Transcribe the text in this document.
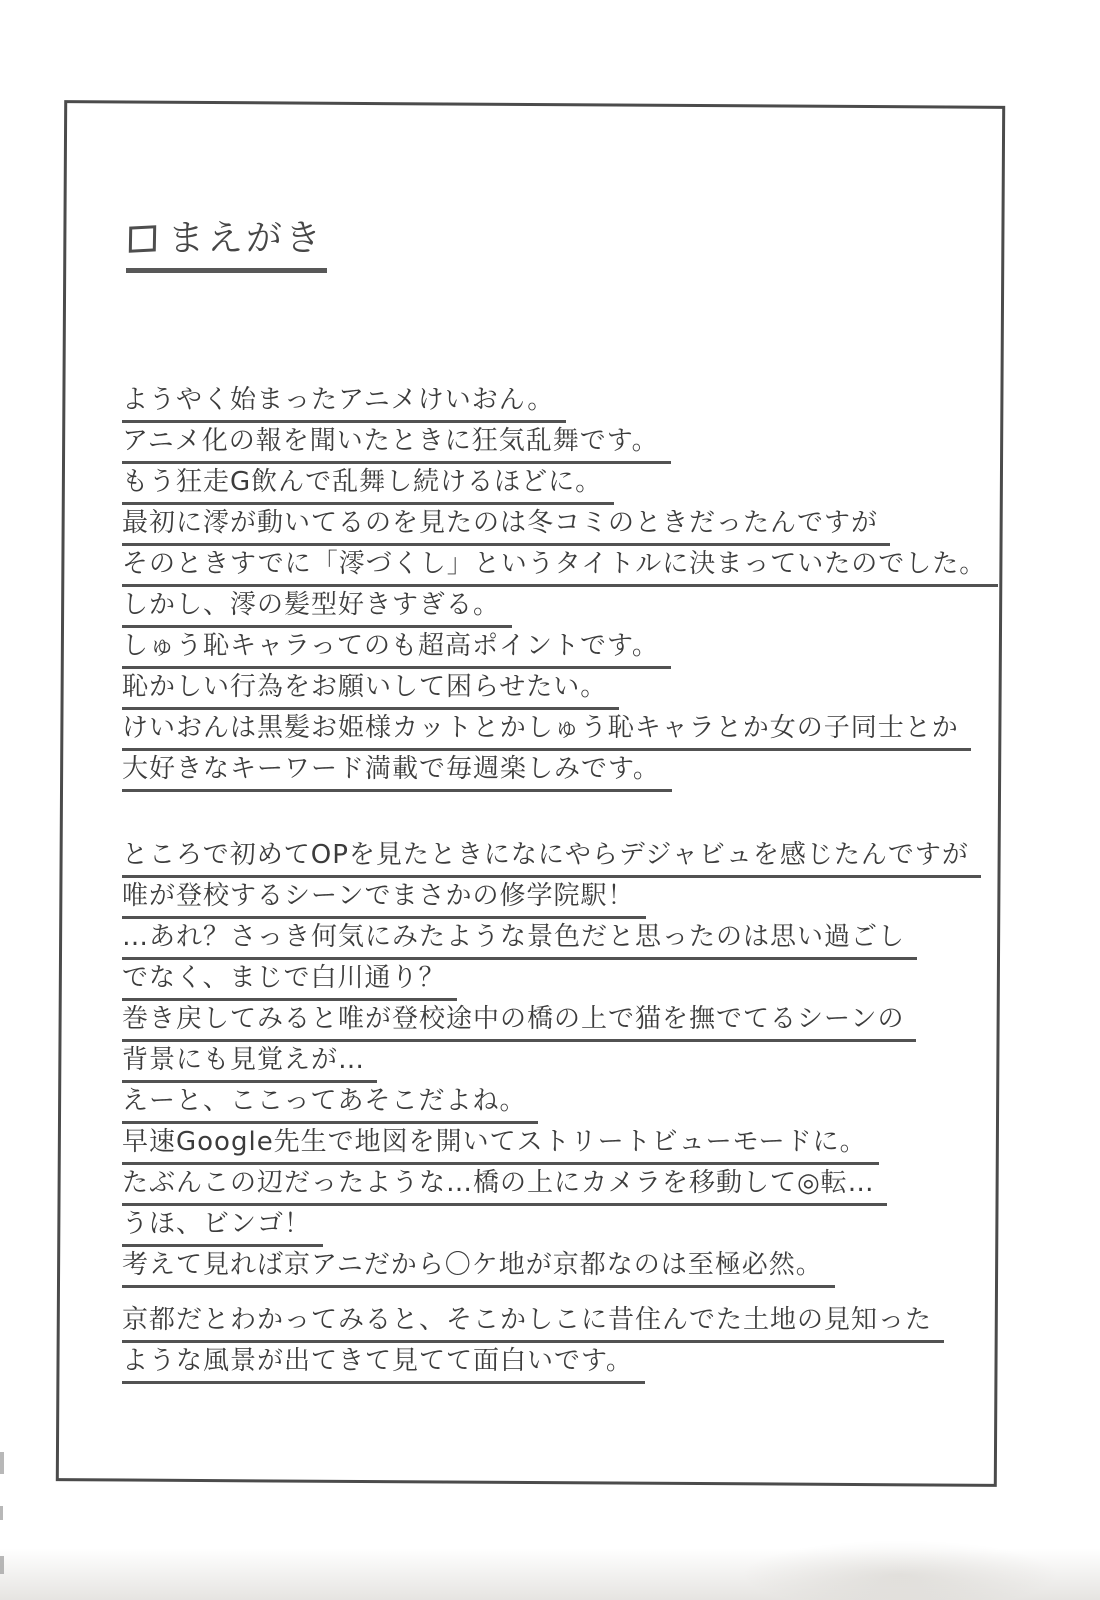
まえがき
ようやく始まったアニメけいおん。
アニメ化の報を聞いたときに狂気乱舞です。
もう狂走G飲んで乱舞し続けるほどに。
最初に澪が動いてるのを見たのは冬コミのときだったんですが
そのときすでに「澪づくし」というタイトルに決まっていたのでした。
しかし、澪の髪型好きすぎる。
しゅう恥キャラってのも超高ポイントです。
恥かしい行為をお願いして困らせたい。
けいおんは黒髪お姫様カットとかしゅう恥キャラとか女の子同士とか
大好きなキーワード満載で毎週楽しみです。
ところで初めてOPを見たときになにやらデジャビュを感じたんですが
唯が登校するシーンでまさかの修学院駅！
…あれ？さっき何気にみたような景色だと思ったのは思い過ごし
でなく、まじで白川通り？
巻き戻してみると唯が登校途中の橋の上で猫を撫でてるシーンの
背景にも見覚えが…
えーと、ここってあそこだよね。
早速Google先生で地図を開いてストリートビューモードに。
たぶんこの辺だったような…橋の上にカメラを移動して◎転…
うほ、ビンゴ！
考えて見れば京アニだから〇ケ地が京都なのは至極必然。
京都だとわかってみると、そこかしこに昔住んでた土地の見知った
ような風景が出てきて見てて面白いです。
